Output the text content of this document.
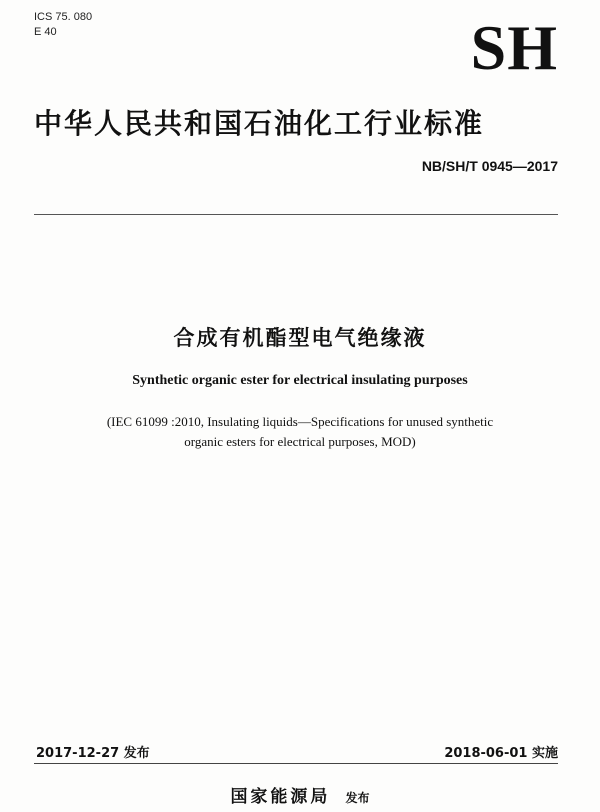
ICS 75. 080
E 40	SH
中华人民共和国石油化工行业标准
NB/SH/T 0945—2017
合成有机酯型电气绝缘液
Synthetic organic ester for electrical insulating purposes
(IEC 61099 :2010, Insulating liquids—Specifications for unused synthetic
organic esters for electrical purposes, MOD)
2017-12-27 发布	2018-06-01 实施
国家能源局 发布
